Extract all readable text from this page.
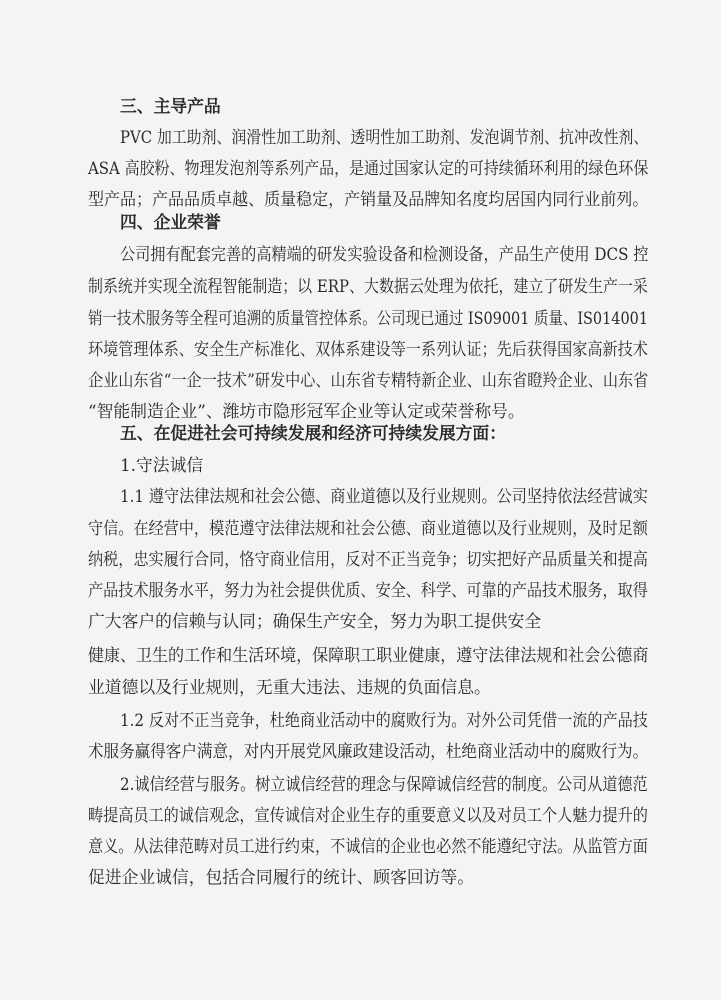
三、主导产品
PVC 加工助剂、润滑性加工助剂、透明性加工助剂、发泡调节剂、抗冲改性剂、
ASA 高胶粉、物理发泡剂等系列产品，是通过国家认定的可持续循环利用的绿色环保
型产品；产品品质卓越、质量稳定，产销量及品牌知名度均居国内同行业前列。
四、企业荣誉
公司拥有配套完善的高精端的研发实验设备和检测设备，产品生产使用 DCS 控
制系统并实现全流程智能制造；以 ERP、大数据云处理为依托，建立了研发生产一采
销一技术服务等全程可追溯的质量管控体系。公司现已通过 IS09001 质量、IS014001
环境管理体系、安全生产标准化、双体系建设等一系列认证；先后获得国家高新技术
企业山东省“一企一技术”研发中心、山东省专精特新企业、山东省瞪羚企业、山东省
“智能制造企业”、潍坊市隐形冠军企业等认定或荣誉称号。
五、在促进社会可持续发展和经济可持续发展方面：
1.守法诚信
1.1 遵守法律法规和社会公德、商业道德以及行业规则。公司坚持依法经营诚实
守信。在经营中，模范遵守法律法规和社会公德、商业道德以及行业规则，及时足额
纳税，忠实履行合同，恪守商业信用，反对不正当竞争；切实把好产品质量关和提高
产品技术服务水平，努力为社会提供优质、安全、科学、可靠的产品技术服务，取得
广大客户的信赖与认同；确保生产安全，努力为职工提供安全
健康、卫生的工作和生活环境，保障职工职业健康，遵守法律法规和社会公德商
业道德以及行业规则，无重大违法、违规的负面信息。
1.2 反对不正当竞争，杜绝商业活动中的腐败行为。对外公司凭借一流的产品技
术服务赢得客户满意，对内开展党风廉政建设活动，杜绝商业活动中的腐败行为。
2.诚信经营与服务。树立诚信经营的理念与保障诚信经营的制度。公司从道德范
畴提高员工的诚信观念，宣传诚信对企业生存的重要意义以及对员工个人魅力提升的
意义。从法律范畴对员工进行约束，不诚信的企业也必然不能遵纪守法。从监管方面
促进企业诚信，包括合同履行的统计、顾客回访等。
